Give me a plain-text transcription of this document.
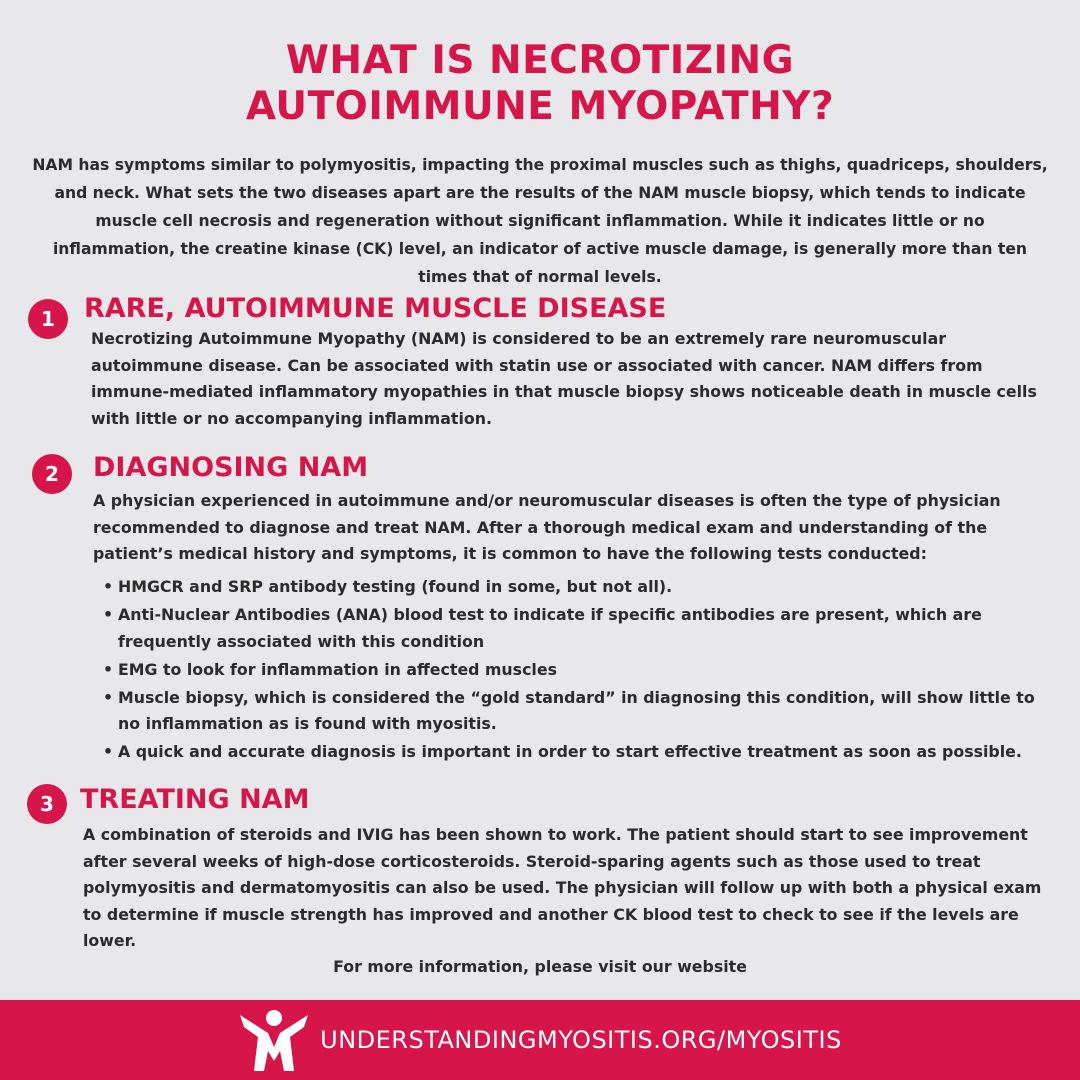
WHAT IS NECROTIZING
AUTOIMMUNE MYOPATHY?

NAM has symptoms similar to polymyositis, impacting the proximal muscles such as thighs, quadriceps, shoulders, and neck. What sets the two diseases apart are the results of the NAM muscle biopsy, which tends to indicate muscle cell necrosis and regeneration without significant inflammation. While it indicates little or no inflammation, the creatine kinase (CK) level, an indicator of active muscle damage, is generally more than ten times that of normal levels.

1 RARE, AUTOIMMUNE MUSCLE DISEASE

Necrotizing Autoimmune Myopathy (NAM) is considered to be an extremely rare neuromuscular autoimmune disease. Can be associated with statin use or associated with cancer. NAM differs from immune-mediated inflammatory myopathies in that muscle biopsy shows noticeable death in muscle cells with little or no accompanying inflammation.

2 DIAGNOSING NAM

A physician experienced in autoimmune and/or neuromuscular diseases is often the type of physician recommended to diagnose and treat NAM. After a thorough medical exam and understanding of the patient’s medical history and symptoms, it is common to have the following tests conducted:

• HMGCR and SRP antibody testing (found in some, but not all).
• Anti-Nuclear Antibodies (ANA) blood test to indicate if specific antibodies are present, which are frequently associated with this condition
• EMG to look for inflammation in affected muscles
• Muscle biopsy, which is considered the “gold standard” in diagnosing this condition, will show little to no inflammation as is found with myositis.
• A quick and accurate diagnosis is important in order to start effective treatment as soon as possible.
3 TREATING NAM

A combination of steroids and IVIG has been shown to work. The patient should start to see improvement after several weeks of high-dose corticosteroids. Steroid-sparing agents such as those used to treat polymyositis and dermatomyositis can also be used. The physician will follow up with both a physical exam to determine if muscle strength has improved and another CK blood test to check to see if the levels are lower.

For more information, please visit our website

UNDERSTANDINGMYOSITIS.ORG/MYOSITIS
